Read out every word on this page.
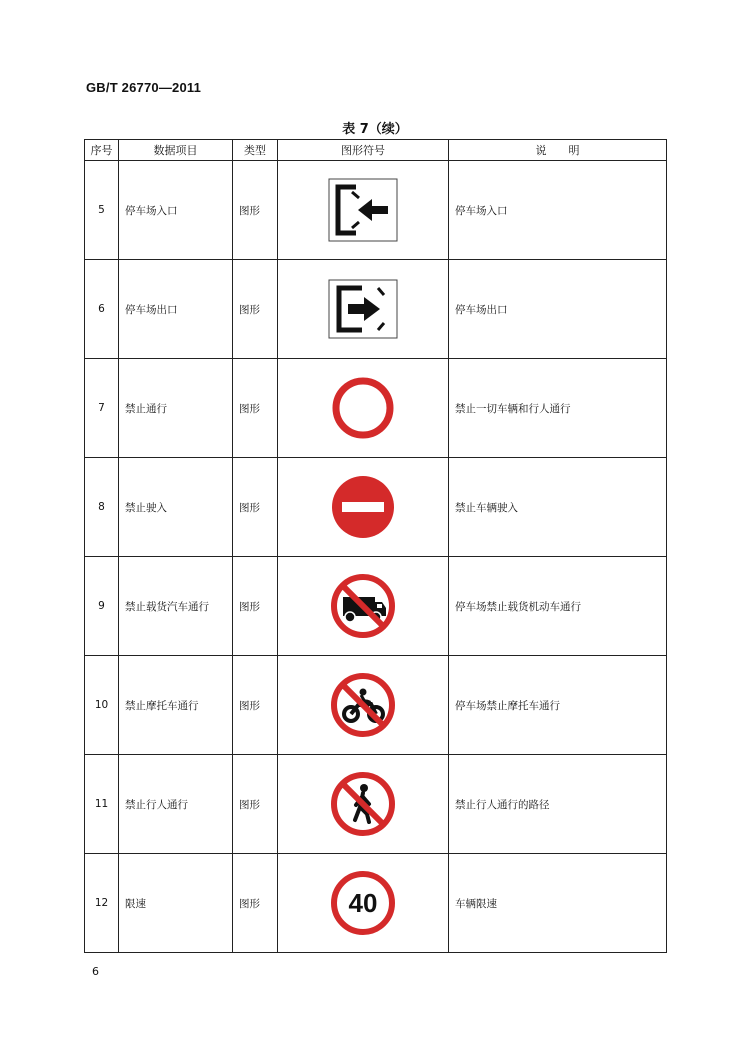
GB/T 26770—2011
表 7（续）
序号	数据项目	类型	图形符号	说　　明
5	停车场入口	图形		停车场入口
6	停车场出口	图形		停车场出口
7	禁止通行	图形		禁止一切车辆和行人通行
8	禁止驶入	图形		禁止车辆驶入
9	禁止载货汽车通行	图形		停车场禁止载货机动车通行
10	禁止摩托车通行	图形		停车场禁止摩托车通行
11	禁止行人通行	图形		禁止行人通行的路径
12	限速	图形	40	车辆限速
6
